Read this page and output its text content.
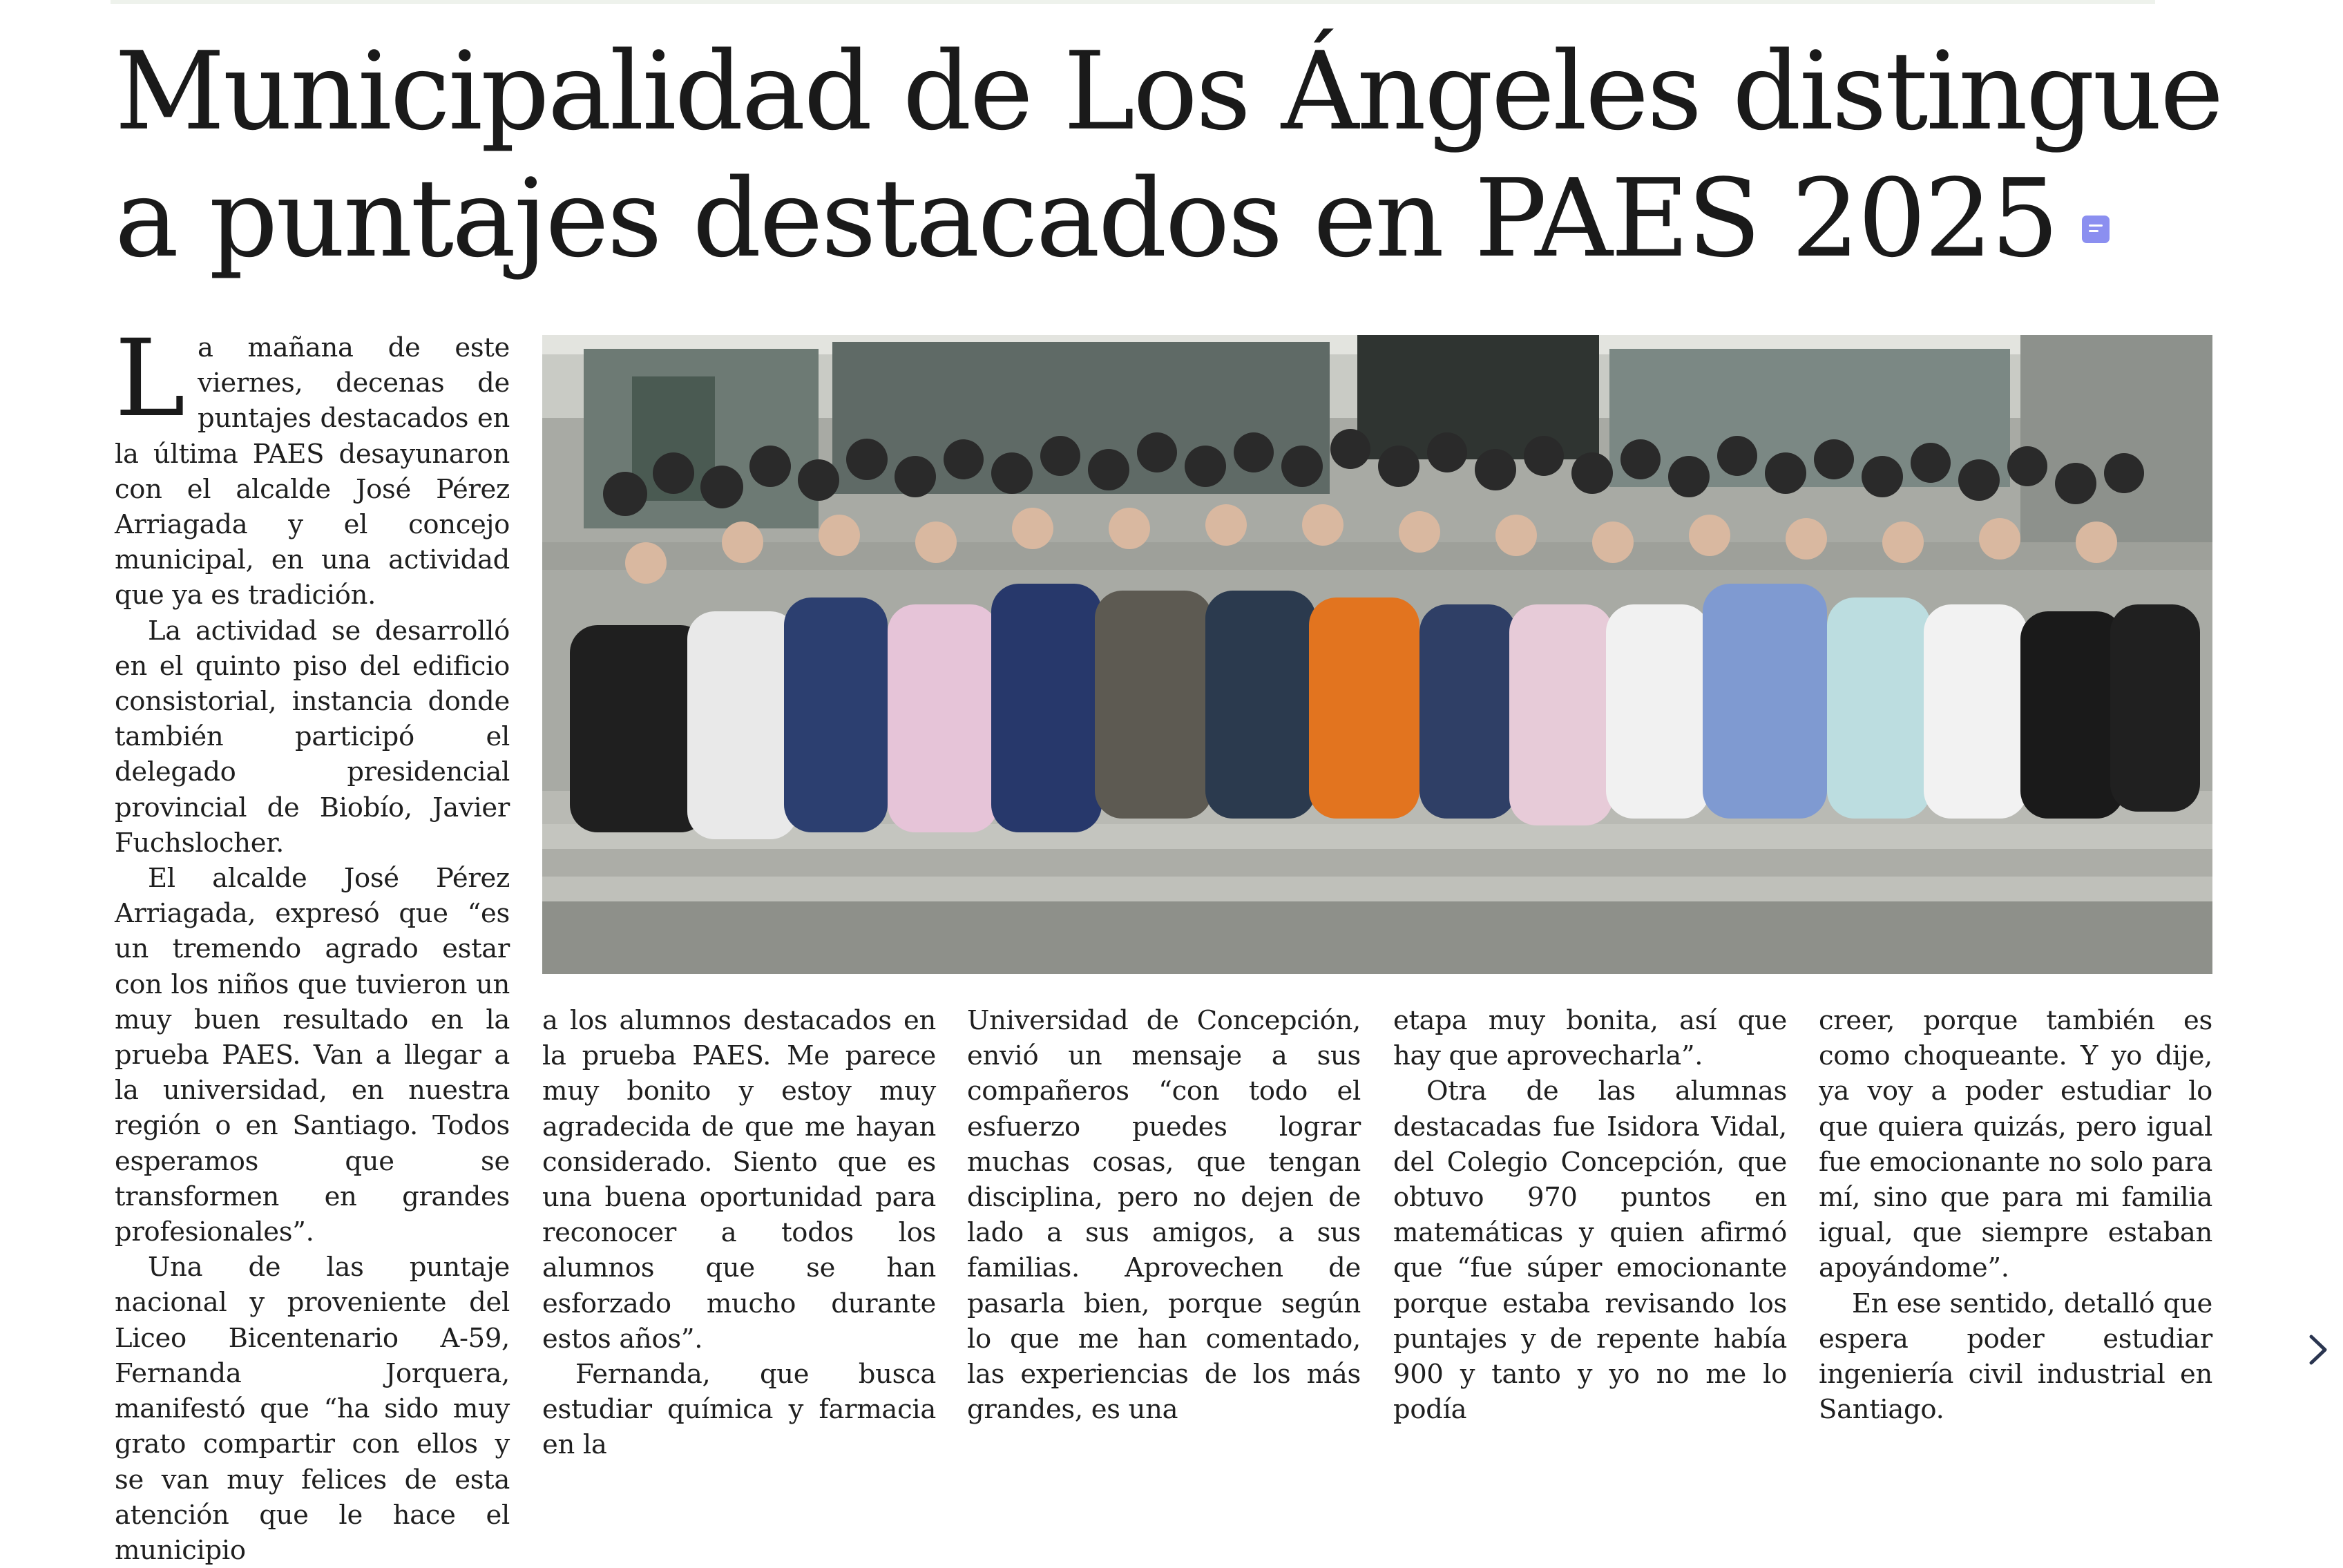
Municipalidad de Los Ángeles distingue
a puntajes destacados en PAES 2025

La mañana de este viernes, decenas de puntajes destacados en la última PAES desayunaron con el alcalde José Pérez Arriagada y el concejo municipal, en una actividad que ya es tradición.

La actividad se desarrolló en el quinto piso del edificio consistorial, instancia donde también participó el delegado presidencial provincial de Biobío, Javier Fuchslocher.

El alcalde José Pérez Arriagada, expresó que “es un tremendo agrado estar con los niños que tuvieron un muy buen resultado en la prueba PAES. Van a llegar a la universidad, en nuestra región o en Santiago. Todos esperamos que se transformen en grandes profesionales”.

Una de las puntaje nacional y proveniente del Liceo Bicentenario A-59, Fernanda Jorquera, manifestó que “ha sido muy grato compartir con ellos y se van muy felices de esta atención que le hace el municipio

a los alumnos destacados en la prueba PAES. Me parece muy bonito y estoy muy agradecida de que me hayan considerado. Siento que es una buena oportunidad para reconocer a todos los alumnos que se han esforzado mucho durante estos años”.

Fernanda, que busca estudiar química y farmacia en la

Universidad de Concepción, envió un mensaje a sus compañeros “con todo el esfuerzo puedes lograr muchas cosas, que tengan disciplina, pero no dejen de lado a sus amigos, a sus familias. Aprovechen de pasarla bien, porque según lo que me han comentado, las experiencias de los más grandes, es una

etapa muy bonita, así que hay que aprovecharla”.

Otra de las alumnas destacadas fue Isidora Vidal, del Colegio Concepción, que obtuvo 970 puntos en matemáticas y quien afirmó que “fue súper emocionante porque estaba revisando los puntajes y de repente había 900 y tanto y yo no me lo podía

creer, porque también es como choqueante. Y yo dije, ya voy a poder estudiar lo que quiera quizás, pero igual fue emocionante no solo para mí, sino que para mi familia igual, que siempre estaban apoyándome”.

En ese sentido, detalló que espera poder estudiar ingeniería civil industrial en Santiago.
